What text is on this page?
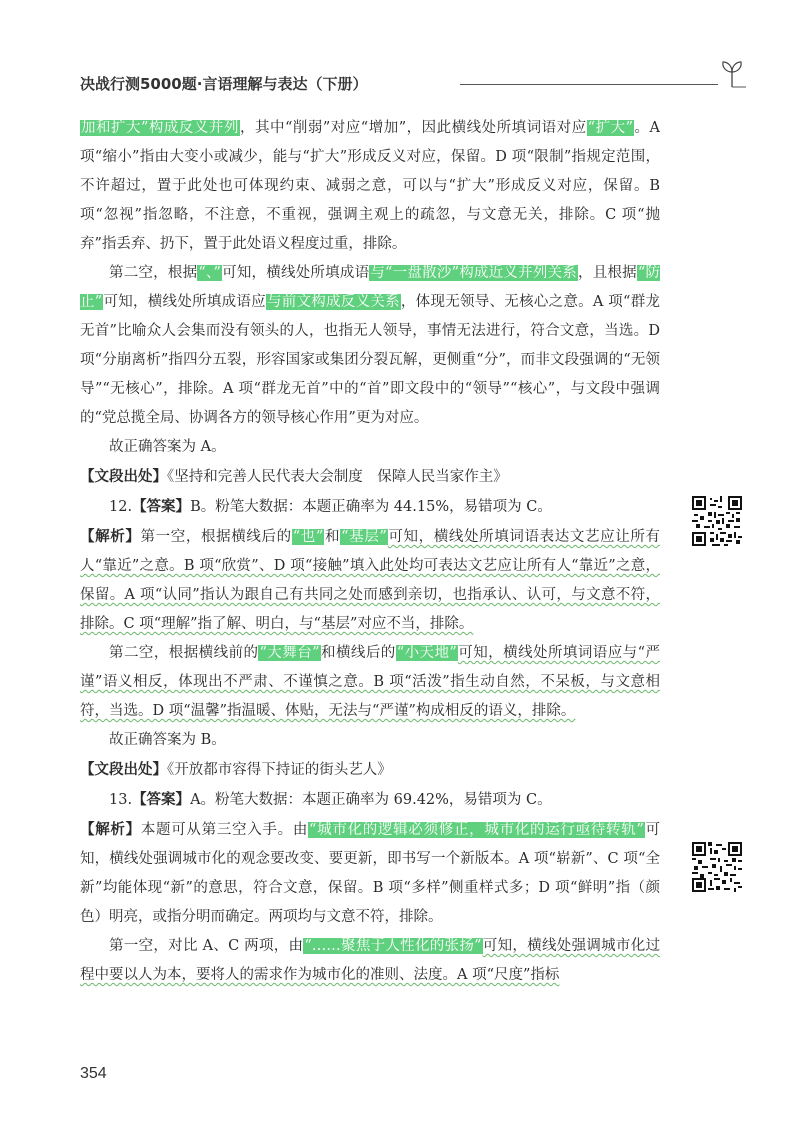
决战行测5000题·言语理解与表达（下册）

加和扩大”构成反义并列，其中“削弱”对应“增加”，因此横线处所填词语对应“扩大”。A 项“缩小”指由大变小或减少，能与“扩大”形成反义对应，保留。D 项“限制”指规定范围，不许超过，置于此处也可体现约束、减弱之意，可以与“扩大”形成反义对应，保留。B 项“忽视”指忽略，不注意，不重视，强调主观上的疏忽，与文意无关，排除。C 项“抛弃”指丢弃、扔下，置于此处语义程度过重，排除。

第二空，根据“、”可知，横线处所填成语与“一盘散沙”构成近义并列关系，且根据“防止”可知，横线处所填成语应与前文构成反义关系，体现无领导、无核心之意。A 项“群龙无首”比喻众人会集而没有领头的人，也指无人领导，事情无法进行，符合文意，当选。D 项“分崩离析”指四分五裂，形容国家或集团分裂瓦解，更侧重“分”，而非文段强调的“无领导”“无核心”，排除。A 项“群龙无首”中的“首”即文段中的“领导”“核心”，与文段中强调的“党总揽全局、协调各方的领导核心作用”更为对应。

故正确答案为 A。

【文段出处】《坚持和完善人民代表大会制度　保障人民当家作主》

12.【答案】B。粉笔大数据：本题正确率为 44.15%，易错项为 C。

【解析】第一空，根据横线后的“也”和“基层”可知，横线处所填词语表达文艺应让所有人“靠近”之意。B 项“欣赏”、D 项“接触”填入此处均可表达文艺应让所有人“靠近”之意，保留。A 项“认同”指认为跟自己有共同之处而感到亲切，也指承认、认可，与文意不符，排除。C 项“理解”指了解、明白，与“基层”对应不当，排除。

第二空，根据横线前的“大舞台”和横线后的“小天地”可知，横线处所填词语应与“严谨”语义相反，体现出不严肃、不谨慎之意。B 项“活泼”指生动自然，不呆板，与文意相符，当选。D 项“温馨”指温暖、体贴，无法与“严谨”构成相反的语义，排除。

故正确答案为 B。

【文段出处】《开放都市容得下持证的街头艺人》

13.【答案】A。粉笔大数据：本题正确率为 69.42%，易错项为 C。

【解析】本题可从第三空入手。由“城市化的逻辑必须修正，城市化的运行亟待转轨”可知，横线处强调城市化的观念要改变、要更新，即书写一个新版本。A 项“崭新”、C 项“全新”均能体现“新”的意思，符合文意，保留。B 项“多样”侧重样式多；D 项“鲜明”指（颜色）明亮，或指分明而确定。两项均与文意不符，排除。

第一空，对比 A、C 两项，由“……聚焦于人性化的张扬”可知，横线处强调城市化过程中要以人为本，要将人的需求作为城市化的准则、法度。A 项“尺度”指标

354
